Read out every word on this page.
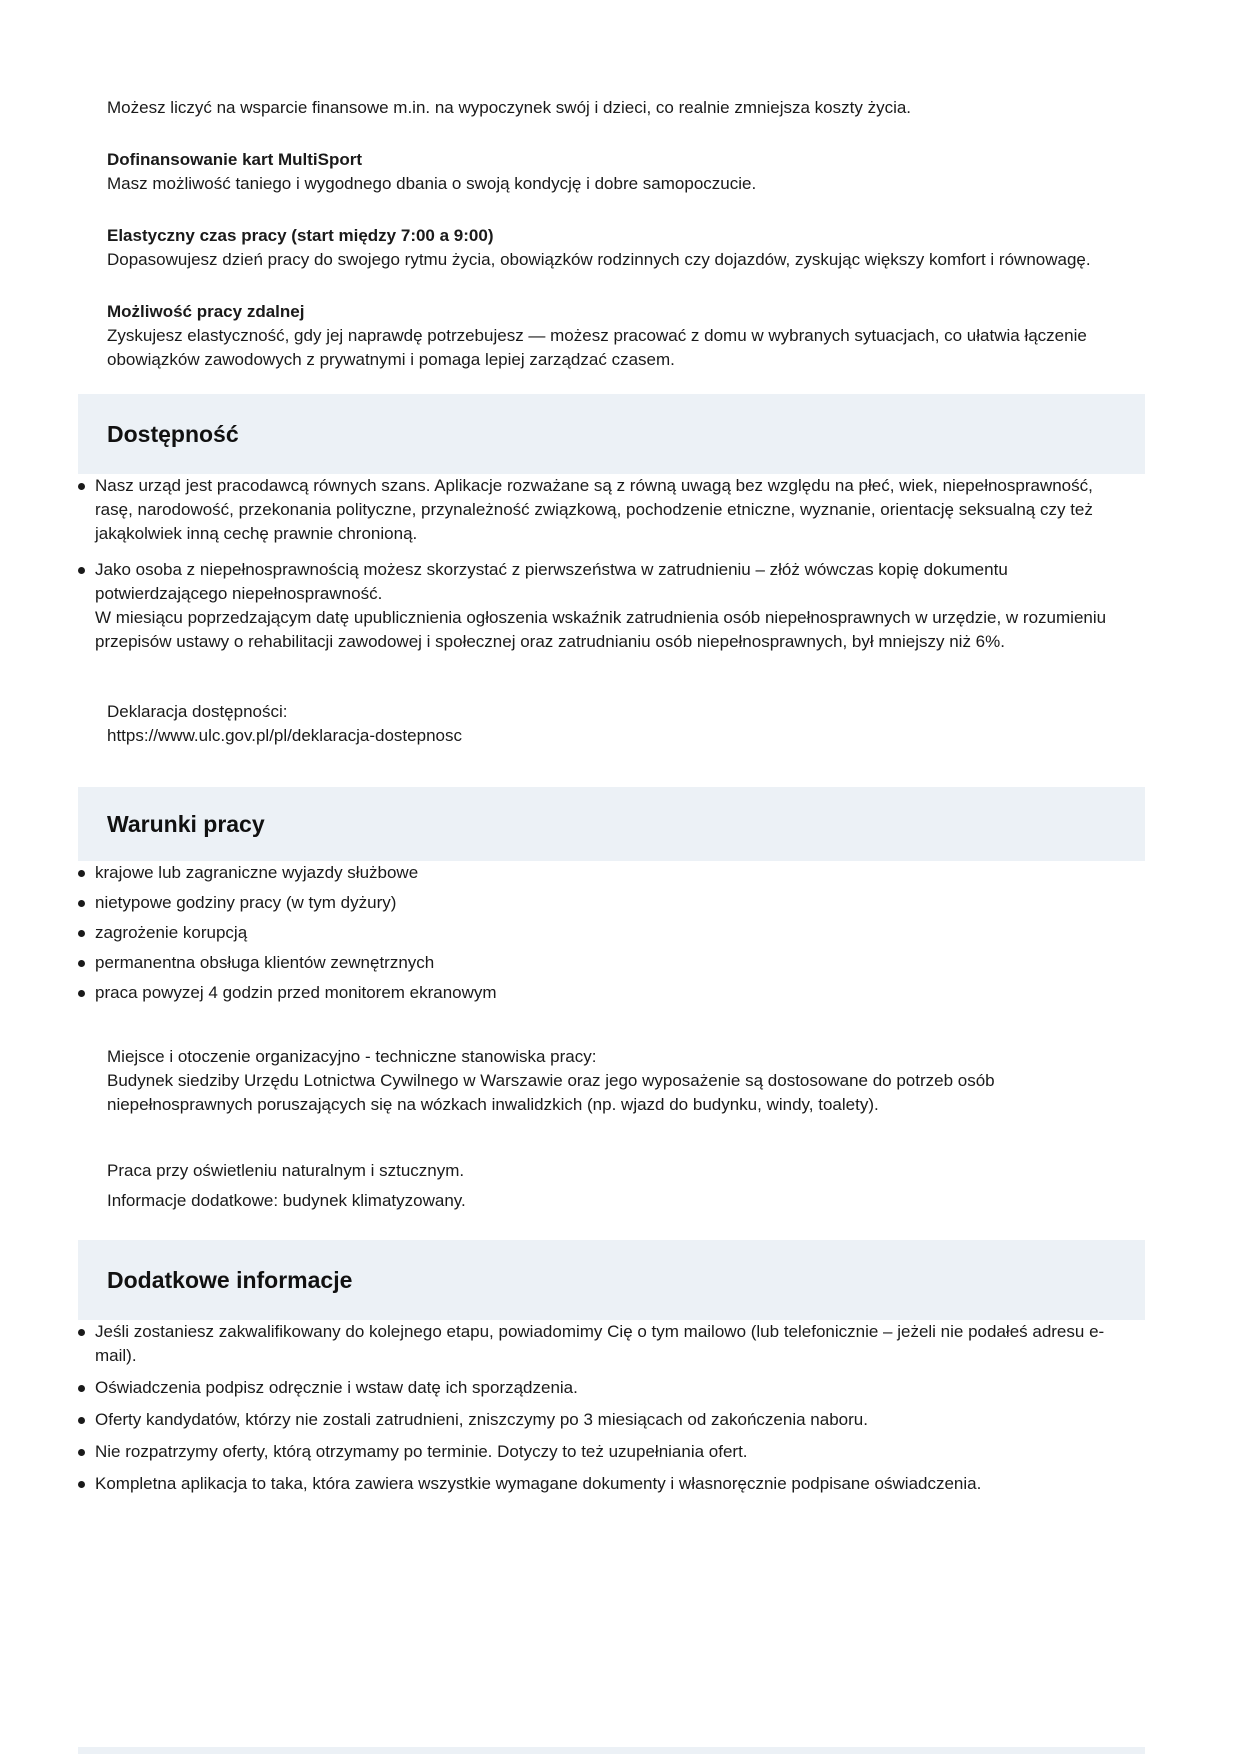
Możesz liczyć na wsparcie finansowe m.in. na wypoczynek swój i dzieci, co realnie zmniejsza koszty życia.

Dofinansowanie kart MultiSport

Masz możliwość taniego i wygodnego dbania o swoją kondycję i dobre samopoczucie.

Elastyczny czas pracy (start między 7:00 a 9:00)

Dopasowujesz dzień pracy do swojego rytmu życia, obowiązków rodzinnych czy dojazdów, zyskując większy komfort i równowagę.

Możliwość pracy zdalnej

Zyskujesz elastyczność, gdy jej naprawdę potrzebujesz — możesz pracować z domu w wybranych sytuacjach, co ułatwia łączenie obowiązków zawodowych z prywatnymi i pomaga lepiej zarządzać czasem.

Dostępność
Nasz urząd jest pracodawcą równych szans. Aplikacje rozważane są z równą uwagą bez względu na płeć, wiek, niepełnosprawność, rasę, narodowość, przekonania polityczne, przynależność związkową, pochodzenie etniczne, wyznanie, orientację seksualną czy też jakąkolwiek inną cechę prawnie chronioną.

Jako osoba z niepełnosprawnością możesz skorzystać z pierwszeństwa w zatrudnieniu – złóż wówczas kopię dokumentu potwierdzającego niepełnosprawność.

W miesiącu poprzedzającym datę upublicznienia ogłoszenia wskaźnik zatrudnienia osób niepełnosprawnych w urzędzie, w rozumieniu przepisów ustawy o rehabilitacji zawodowej i społecznej oraz zatrudnianiu osób niepełnosprawnych, był mniejszy niż 6%.

Deklaracja dostępności:

https://www.ulc.gov.pl/pl/deklaracja-dostepnosc

Warunki pracy
krajowe lub zagraniczne wyjazdy służbowe
nietypowe godziny pracy (w tym dyżury)
zagrożenie korupcją
permanentna obsługa klientów zewnętrznych
praca powyzej 4 godzin przed monitorem ekranowym

Miejsce i otoczenie organizacyjno - techniczne stanowiska pracy:

Budynek siedziby Urzędu Lotnictwa Cywilnego w Warszawie oraz jego wyposażenie są dostosowane do potrzeb osób niepełnosprawnych poruszających się na wózkach inwalidzkich (np. wjazd do budynku, windy, toalety).

Praca przy oświetleniu naturalnym i sztucznym.

Informacje dodatkowe: budynek klimatyzowany.

Dodatkowe informacje
Jeśli zostaniesz zakwalifikowany do kolejnego etapu, powiadomimy Cię o tym mailowo (lub telefonicznie – jeżeli nie podałeś adresu e-mail).
Oświadczenia podpisz odręcznie i wstaw datę ich sporządzenia.
Oferty kandydatów, którzy nie zostali zatrudnieni, zniszczymy po 3 miesiącach od zakończenia naboru.
Nie rozpatrzymy oferty, którą otrzymamy po terminie. Dotyczy to też uzupełniania ofert.
Kompletna aplikacja to taka, która zawiera wszystkie wymagane dokumenty i własnoręcznie podpisane oświadczenia.
